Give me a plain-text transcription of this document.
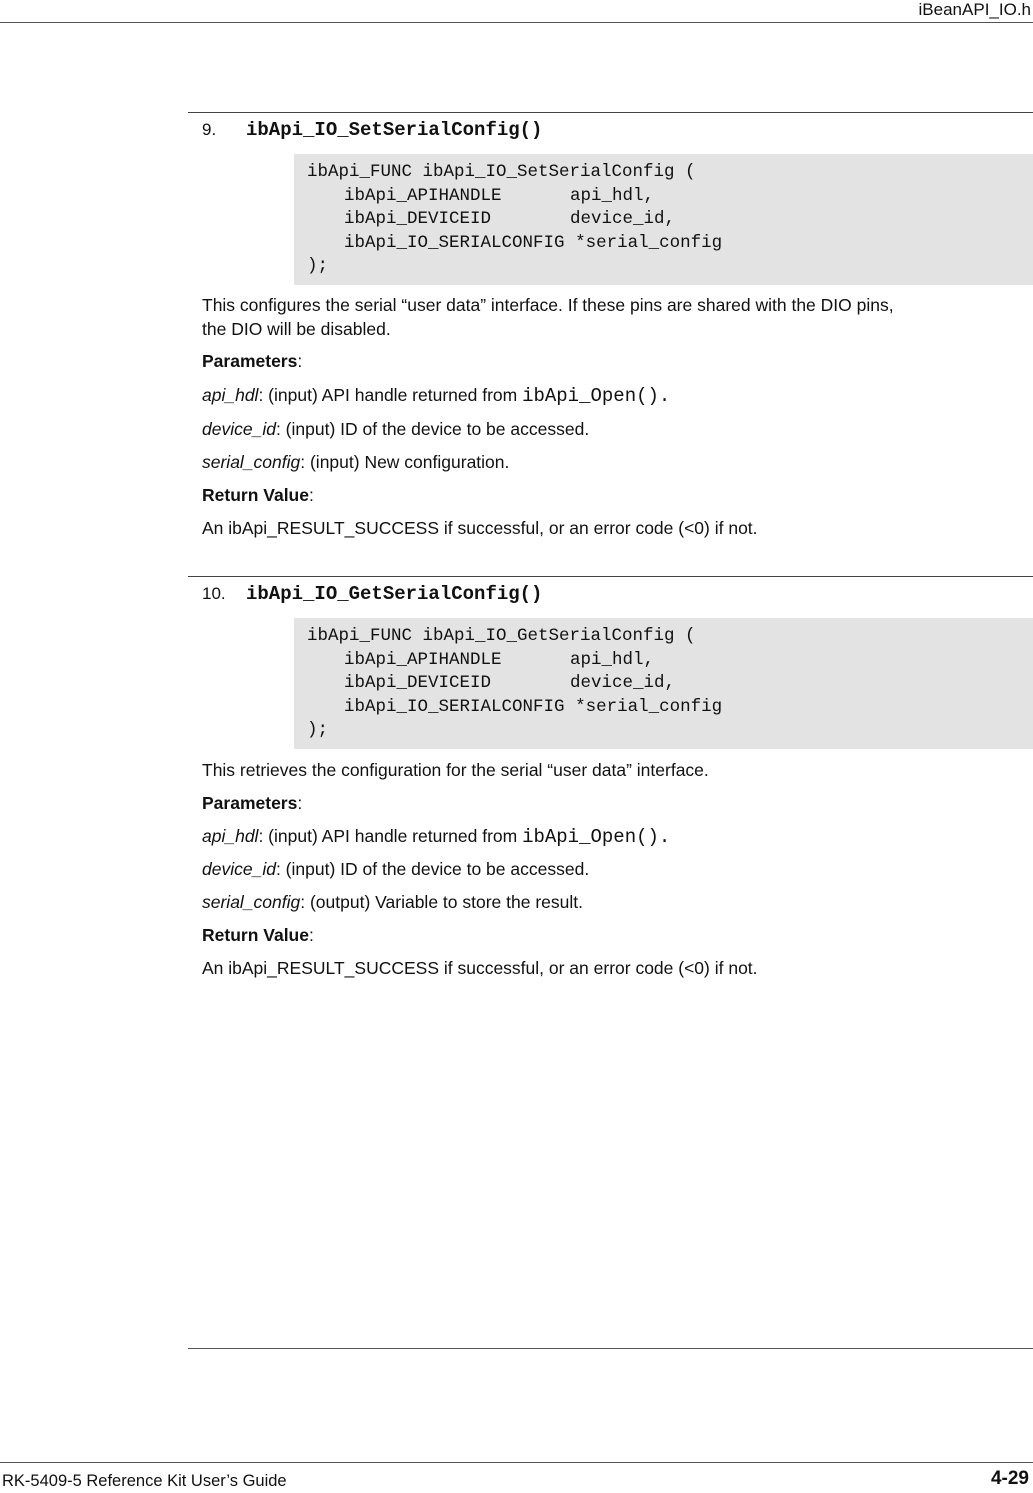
iBeanAPI_IO.h
9.	ibApi_IO_SetSerialConfig()
ibApi_FUNC ibApi_IO_SetSerialConfig (
ibApi_APIHANDLE	api_hdl,
ibApi_DEVICEID	device_id,
ibApi_IO_SERIALCONFIG *serial_config
);
This configures the serial “user data” interface. If these pins are shared with the DIO pins,
the DIO will be disabled.
Parameters:
api_hdl: (input) API handle returned from ibApi_Open().
device_id: (input) ID of the device to be accessed.
serial_config: (input) New configuration.
Return Value:
An ibApi_RESULT_SUCCESS if successful, or an error code (<0) if not.
10.	ibApi_IO_GetSerialConfig()
ibApi_FUNC ibApi_IO_GetSerialConfig (
ibApi_APIHANDLE	api_hdl,
ibApi_DEVICEID	device_id,
ibApi_IO_SERIALCONFIG *serial_config
);
This retrieves the configuration for the serial “user data” interface.
Parameters:
api_hdl: (input) API handle returned from ibApi_Open().
device_id: (input) ID of the device to be accessed.
serial_config: (output) Variable to store the result.
Return Value:
An ibApi_RESULT_SUCCESS if successful, or an error code (<0) if not.
RK-5409-5 Reference Kit User’s Guide	4-29
